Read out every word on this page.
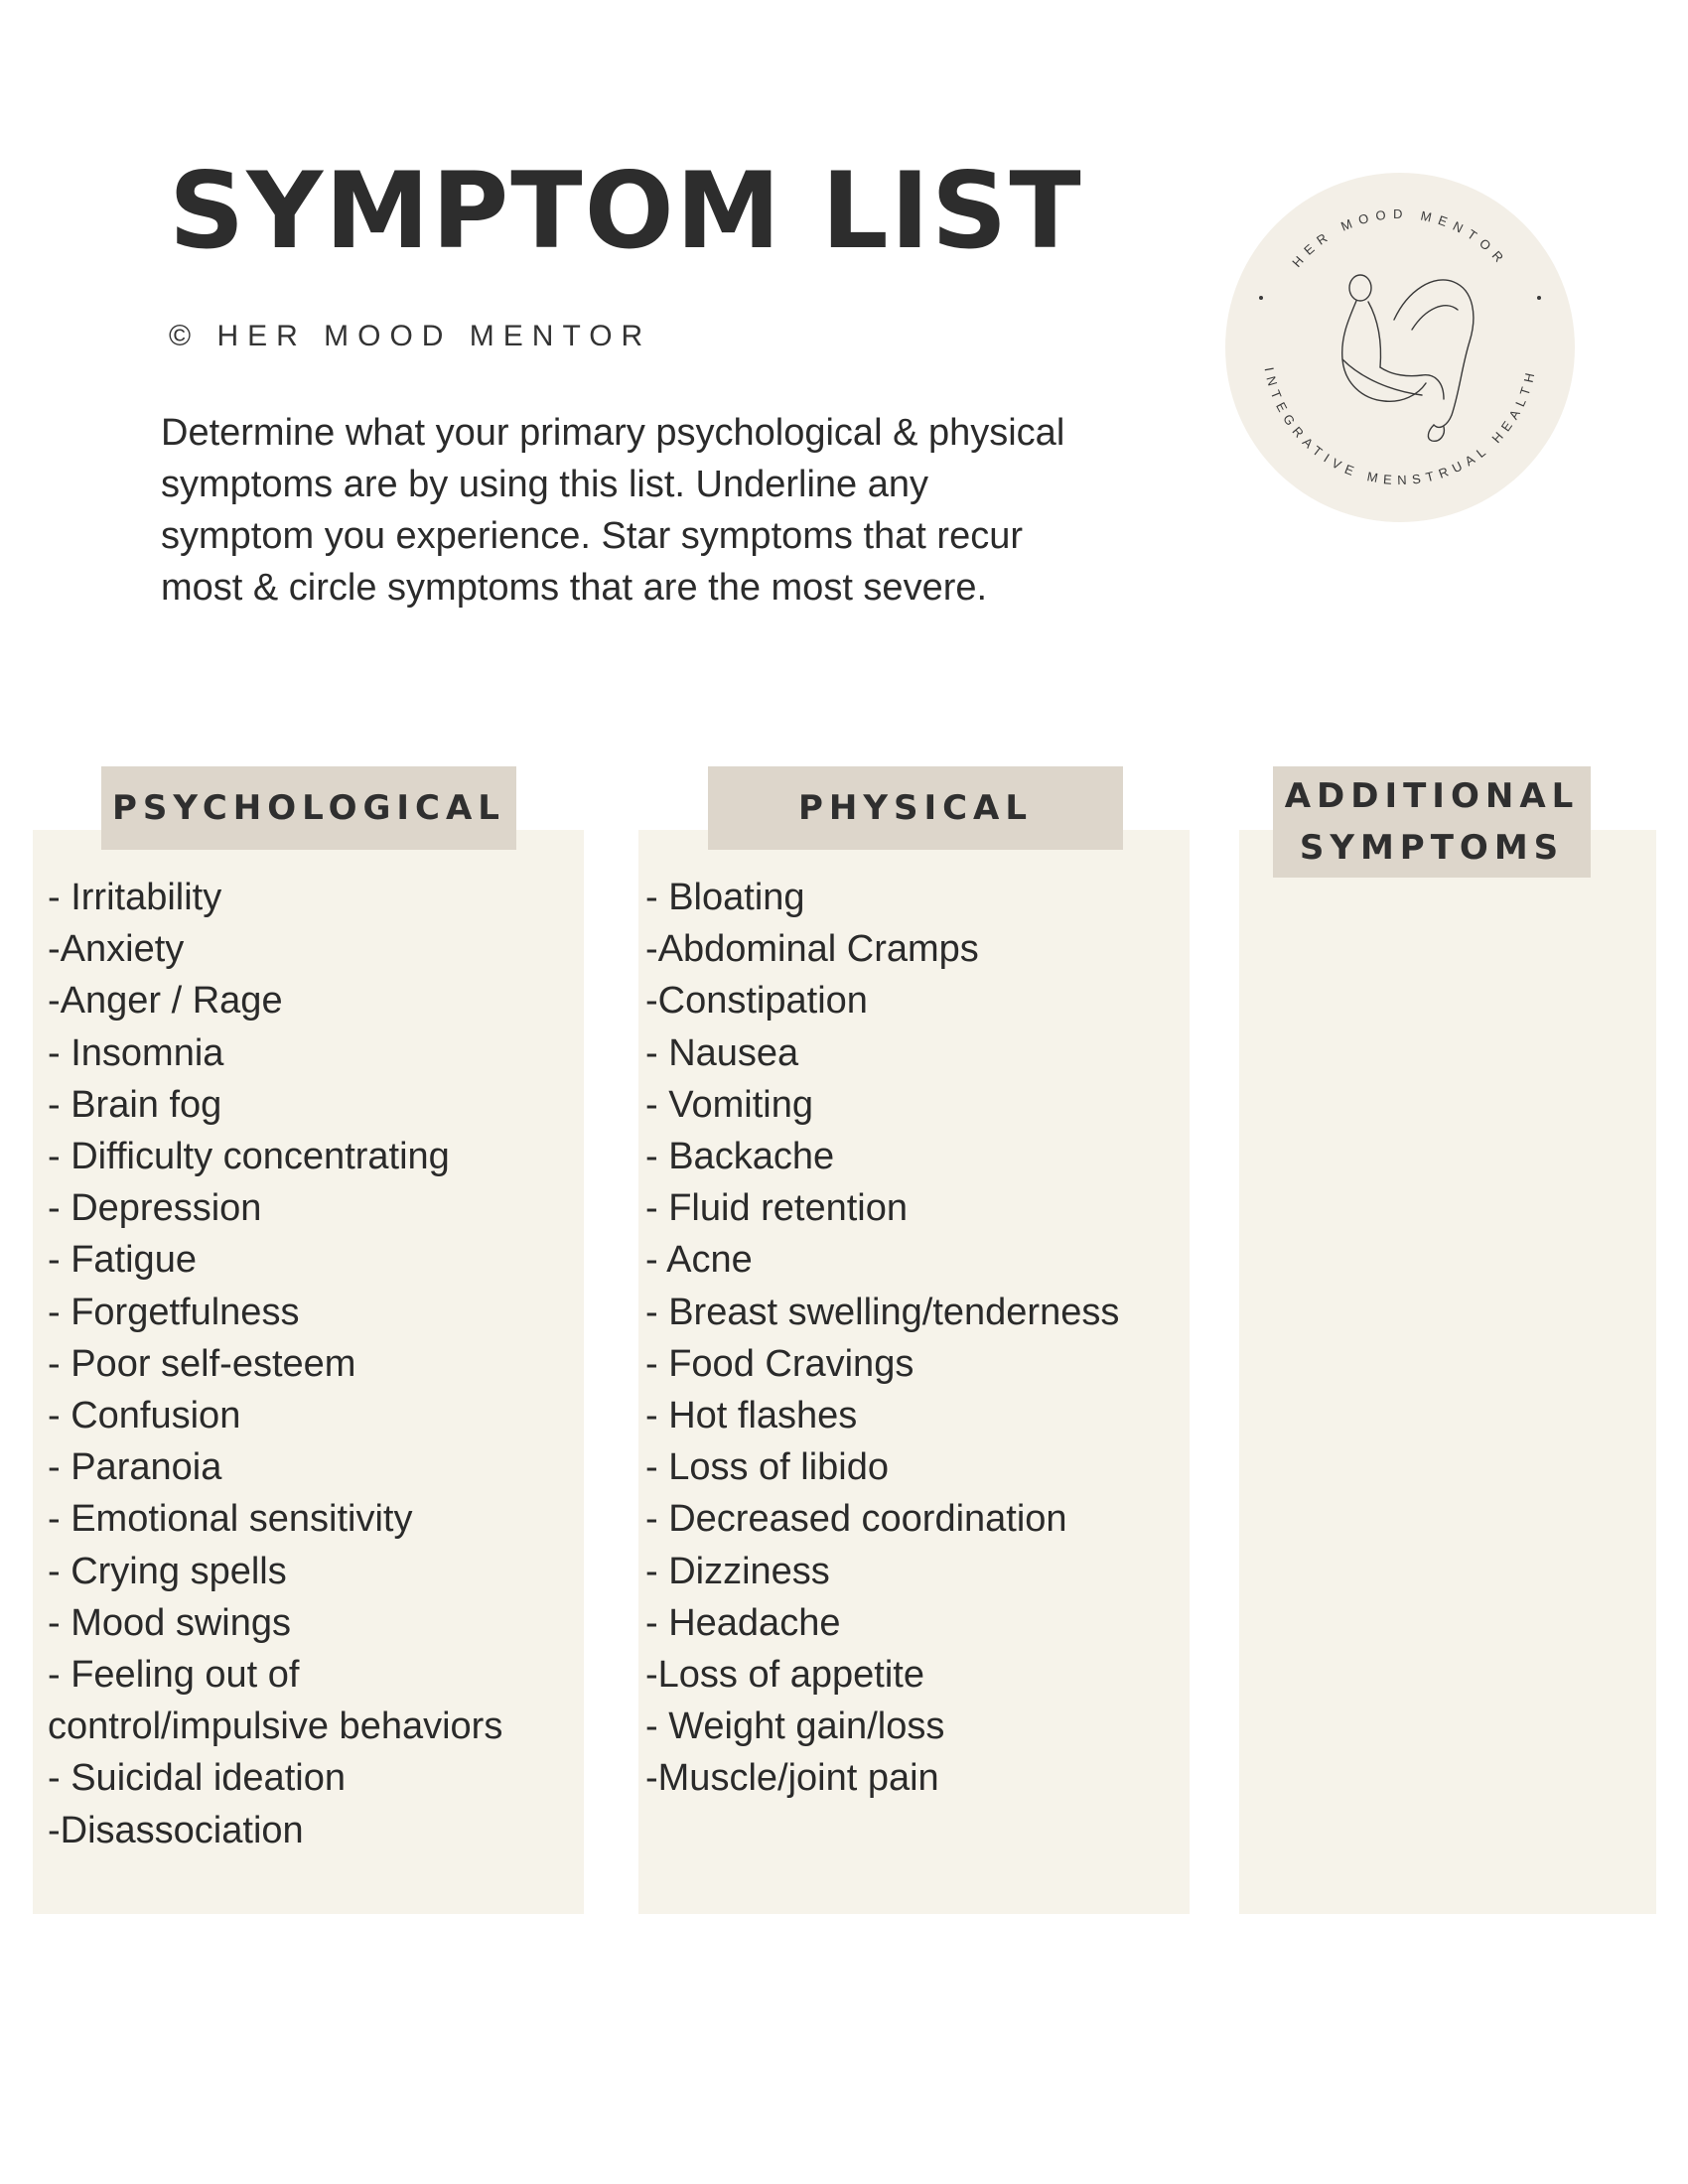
SYMPTOM LIST
© HER MOOD MENTOR

Determine what your primary psychological & physical symptoms are by using this list. Underline any symptom you experience. Star symptoms that recur most & circle symptoms that are the most severe.

HER MOOD MENTOR
INTEGRATIVE MENSTRUAL HEALTH
PSYCHOLOGICAL	PHYSICAL	ADDITIONAL
SYMPTOMS
- Irritability
-Anxiety
-Anger / Rage
- Insomnia
- Brain fog
- Difficulty concentrating
- Depression
- Fatigue
- Forgetfulness
- Poor self-esteem
- Confusion
- Paranoia
- Emotional sensitivity
- Crying spells
- Mood swings
- Feeling out of
control/impulsive behaviors
- Suicidal ideation
-Disassociation
- Bloating
-Abdominal Cramps
-Constipation
- Nausea
- Vomiting
- Backache
- Fluid retention
- Acne
- Breast swelling/tenderness
- Food Cravings
- Hot flashes
- Loss of libido
- Decreased coordination
- Dizziness
- Headache
-Loss of appetite
- Weight gain/loss
-Muscle/joint pain
